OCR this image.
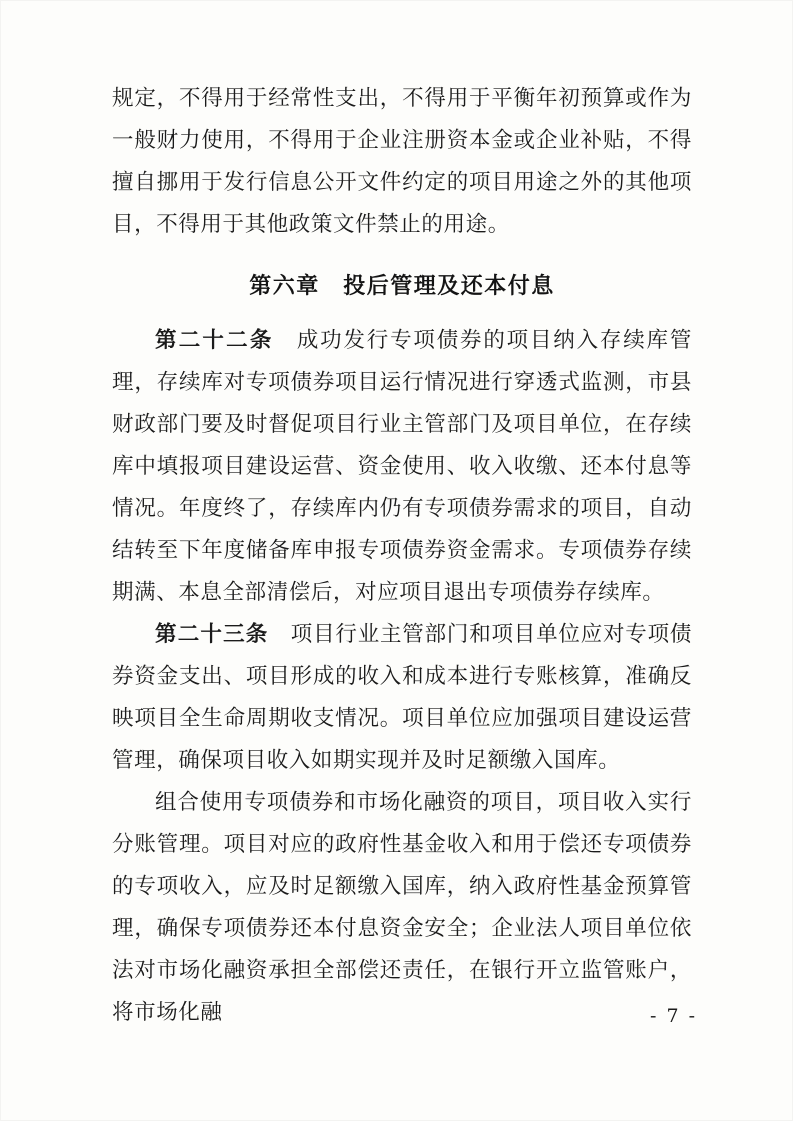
规定，不得用于经常性支出，不得用于平衡年初预算或作为一般财力使用，不得用于企业注册资本金或企业补贴，不得擅自挪用于发行信息公开文件约定的项目用途之外的其他项目，不得用于其他政策文件禁止的用途。

第六章　投后管理及还本付息

第二十二条　成功发行专项债券的项目纳入存续库管理，存续库对专项债券项目运行情况进行穿透式监测，市县财政部门要及时督促项目行业主管部门及项目单位，在存续库中填报项目建设运营、资金使用、收入收缴、还本付息等情况。年度终了，存续库内仍有专项债券需求的项目，自动结转至下年度储备库申报专项债券资金需求。专项债券存续期满、本息全部清偿后，对应项目退出专项债券存续库。

第二十三条　项目行业主管部门和项目单位应对专项债券资金支出、项目形成的收入和成本进行专账核算，准确反映项目全生命周期收支情况。项目单位应加强项目建设运营管理，确保项目收入如期实现并及时足额缴入国库。

组合使用专项债券和市场化融资的项目，项目收入实行分账管理。项目对应的政府性基金收入和用于偿还专项债券的专项收入，应及时足额缴入国库，纳入政府性基金预算管理，确保专项债券还本付息资金安全；企业法人项目单位依法对市场化融资承担全部偿还责任，在银行开立监管账户，将市场化融	- 7 -
